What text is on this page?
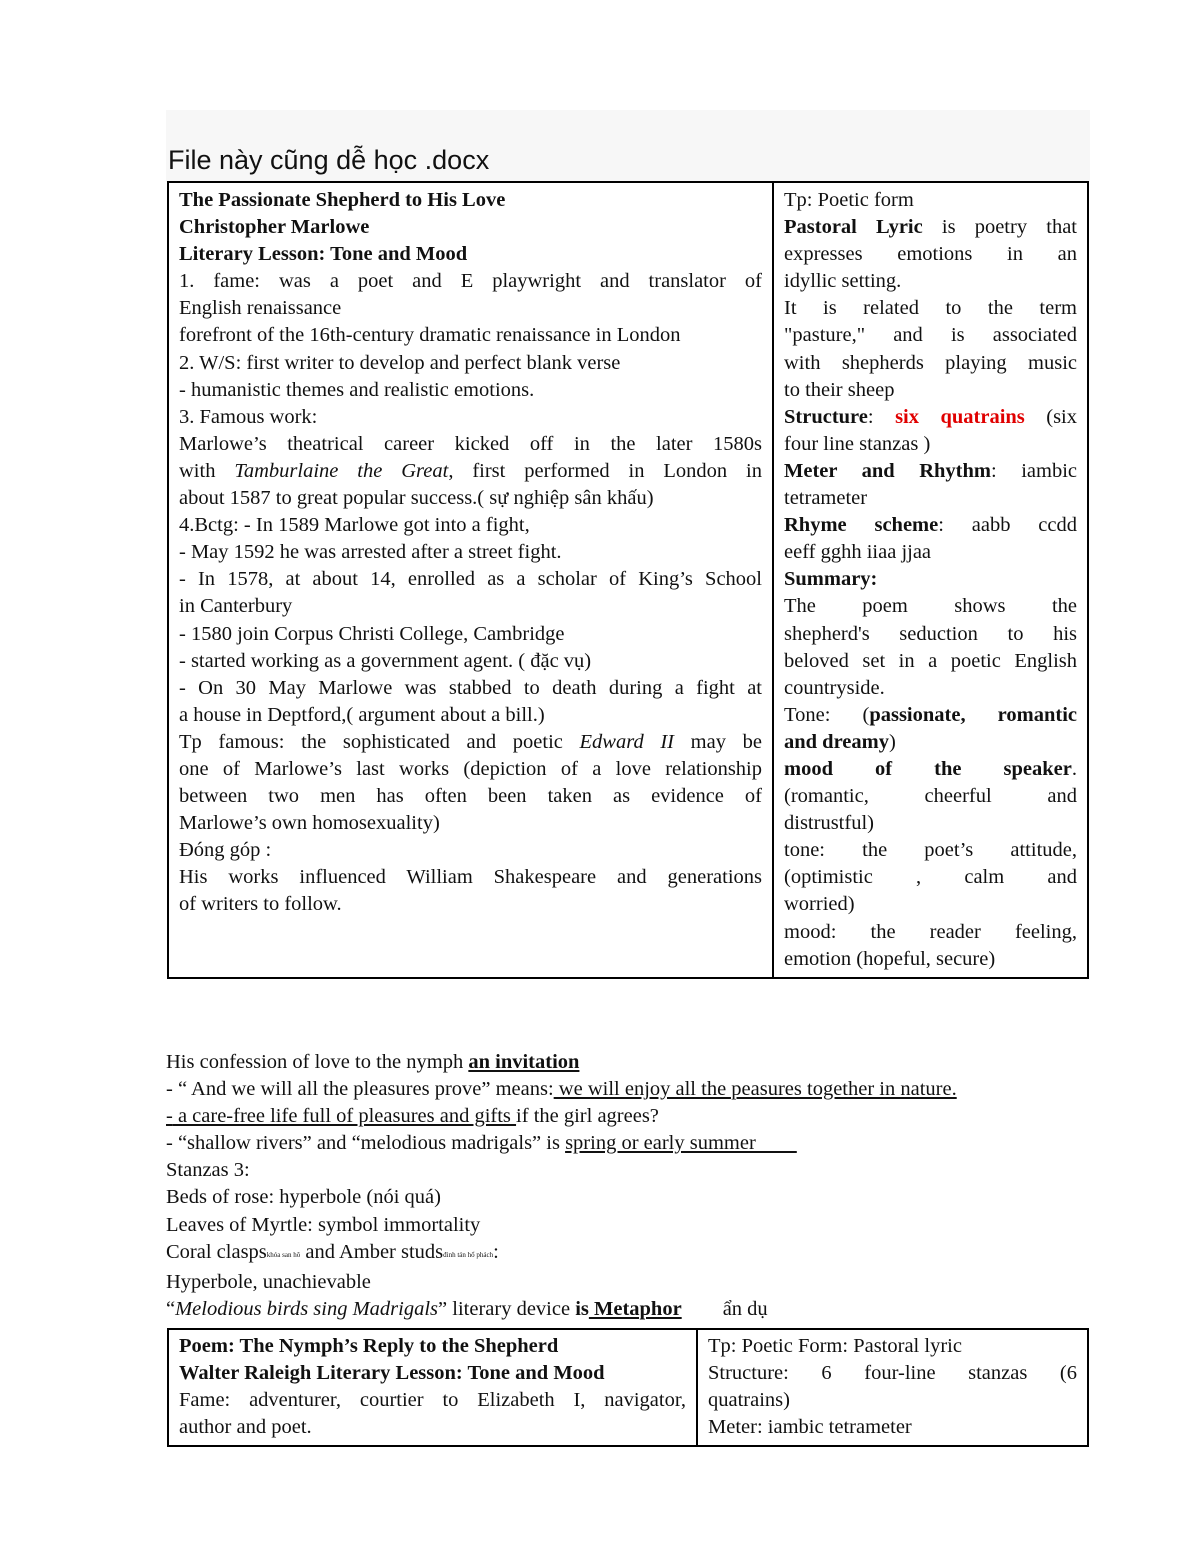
File này cũng dễ học .docx
The Passionate Shepherd to His Love
Christopher Marlowe
Literary Lesson: Tone and Mood
1. fame: was a poet and E playwright and translator of
English renaissance
forefront of the 16th-century dramatic renaissance in London
2. W/S: first writer to develop and perfect blank verse
- humanistic themes and realistic emotions.
3. Famous work:
Marlowe’s theatrical career kicked off in the later 1580s
with Tamburlaine the Great, first performed in London in
about 1587 to great popular success.( sự nghiệp sân khấu)
4.Bctg: - In 1589 Marlowe got into a fight,
- May 1592 he was arrested after a street fight.
- In 1578, at about 14, enrolled as a scholar of King’s School
in Canterbury
- 1580 join Corpus Christi College, Cambridge
- started working as a government agent. ( đặc vụ)
- On 30 May Marlowe was stabbed to death during a fight at
a house in Deptford,( argument about a bill.)
Tp famous: the sophisticated and poetic Edward II may be
one of Marlowe’s last works (depiction of a love relationship
between two men has often been taken as evidence of
Marlowe’s own homosexuality)
Đóng góp :
His works influenced William Shakespeare and generations
of writers to follow.

Tp: Poetic form
Pastoral Lyric is poetry that
expresses emotions in an
idyllic setting.
It is related to the term
"pasture," and is associated
with shepherds playing music
to their sheep
Structure: six quatrains (six
four line stanzas )
Meter and Rhythm: iambic
tetrameter
Rhyme scheme: aabb ccdd
eeff gghh iiaa jjaa
Summary:
The poem shows the
shepherd's seduction to his
beloved set in a poetic English
countryside.
Tone: (passionate, romantic
and dreamy)
mood of the speaker.
(romantic, cheerful and
distrustful)
tone: the poet’s attitude,
(optimistic , calm and
worried)
mood: the reader feeling,
emotion (hopeful, secure)
His confession of love to the nymph an invitation
- “ And we will all the pleasures prove” means: we will enjoy all the peasures together in nature.
- a care-free life full of pleasures and gifts if the girl agrees?
- “shallow rivers” and “melodious madrigals” is spring or early summer
Stanzas 3:
Beds of rose: hyperbole (nói quá)
Leaves of Myrtle: symbol immortality
Coral claspskhóa san hô and Amber studsđinh tán hổ phách:
Hyperbole, unachievable
“Melodious birds sing Madrigals” literary device is Metaphor        ẩn dụ
Poem: The Nymph’s Reply to the Shepherd
Walter Raleigh Literary Lesson: Tone and Mood
Fame: adventurer, courtier to Elizabeth I, navigator,
author and poet.

Tp: Poetic Form: Pastoral lyric
Structure: 6 four-line stanzas (6
quatrains)
Meter: iambic tetrameter
